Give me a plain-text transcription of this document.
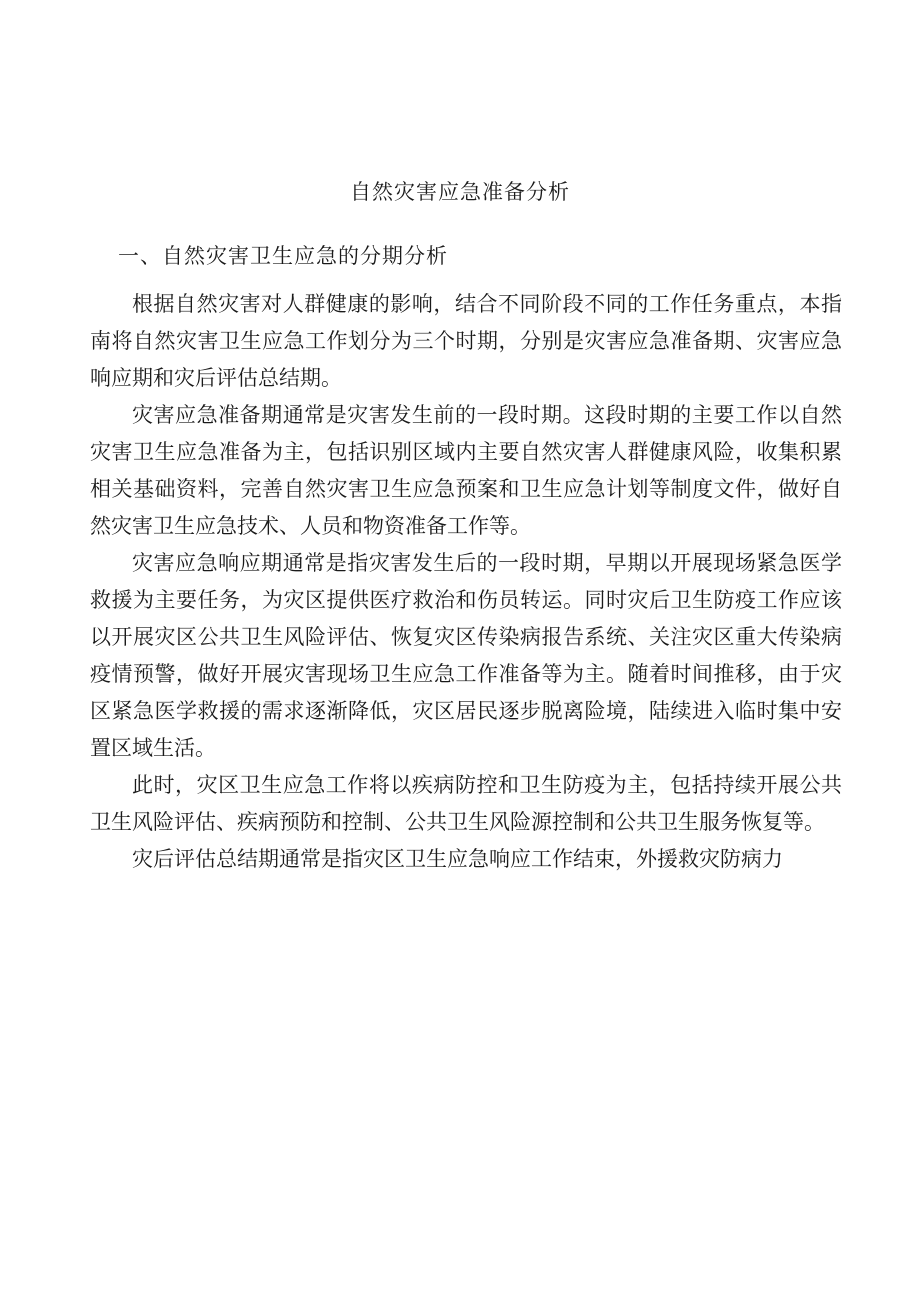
自然灾害应急准备分析
一、自然灾害卫生应急的分期分析

根据自然灾害对人群健康的影响，结合不同阶段不同的工作任务重点，本指南将自然灾害卫生应急工作划分为三个时期，分别是灾害应急准备期、灾害应急响应期和灾后评估总结期。

灾害应急准备期通常是灾害发生前的一段时期。这段时期的主要工作以自然灾害卫生应急准备为主，包括识别区域内主要自然灾害人群健康风险，收集积累相关基础资料，完善自然灾害卫生应急预案和卫生应急计划等制度文件，做好自然灾害卫生应急技术、人员和物资准备工作等。

灾害应急响应期通常是指灾害发生后的一段时期，早期以开展现场紧急医学救援为主要任务，为灾区提供医疗救治和伤员转运。同时灾后卫生防疫工作应该以开展灾区公共卫生风险评估、恢复灾区传染病报告系统、关注灾区重大传染病疫情预警，做好开展灾害现场卫生应急工作准备等为主。随着时间推移，由于灾区紧急医学救援的需求逐渐降低，灾区居民逐步脱离险境，陆续进入临时集中安置区域生活。

此时，灾区卫生应急工作将以疾病防控和卫生防疫为主，包括持续开展公共卫生风险评估、疾病预防和控制、公共卫生风险源控制和公共卫生服务恢复等。

灾后评估总结期通常是指灾区卫生应急响应工作结束，外援救灾防病力
